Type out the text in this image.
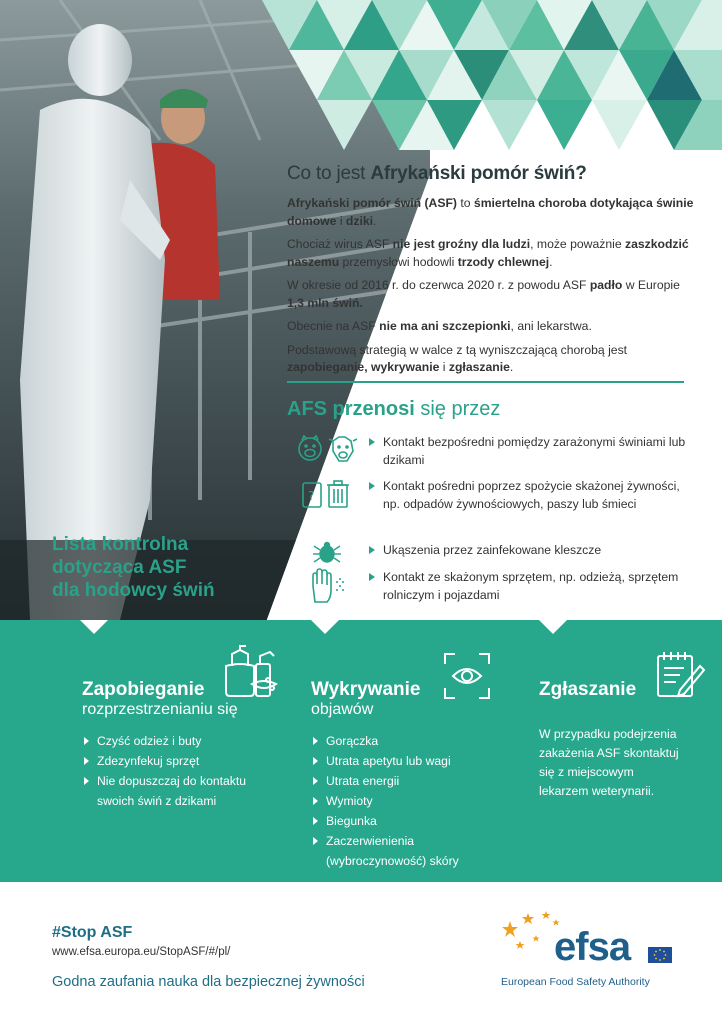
Co to jest Afrykański pomór świń?

Afrykański pomór świń (ASF) to śmiertelna choroba dotykająca świnie domowe i dziki.

Chociaż wirus ASF nie jest groźny dla ludzi, może poważnie zaszkodzić naszemu przemysłowi hodowli trzody chlewnej.

W okresie od 2016 r. do czerwca 2020 r. z powodu ASF padło w Europie 1,3 mln świń.

Obecnie na ASF nie ma ani szczepionki, ani lekarstwa.

Podstawową strategią w walce z tą wyniszczającą chorobą jest zapobieganie, wykrywanie i zgłaszanie.

AFS przenosi się przez
Kontakt bezpośredni pomiędzy zarażonymi świniami lub dzikami
?
Kontakt pośredni poprzez spożycie skażonej żywności, np. odpadów żywnościowych, paszy lub śmieci
Ukąszenia przez zainfekowane kleszcze
Kontakt ze skażonym sprzętem, np. odzieżą, sprzętem rolniczym i pojazdami
Lista kontrolna
dotycząca ASF
dla hodowcy świń
Zapobieganie
rozprzestrzenianiu się
Czyść odzież i buty
Zdezynfekuj sprzęt
Nie dopuszczaj do kontaktu swoich świń z dzikami
Wykrywanie
objawów
Gorączka
Utrata apetytu lub wagi
Utrata energii
Wymioty
Biegunka
Zaczerwienienia (wybroczynowość) skóry
Zgłaszanie

W przypadku podejrzenia zakażenia ASF skontaktuj się z miejscowym lekarzem weterynarii.

#Stop ASF
www.efsa.europa.eu/StopASF/#/pl/
Godna zaufania nauka dla bezpiecznej żywności
efsa
European Food Safety Authority
